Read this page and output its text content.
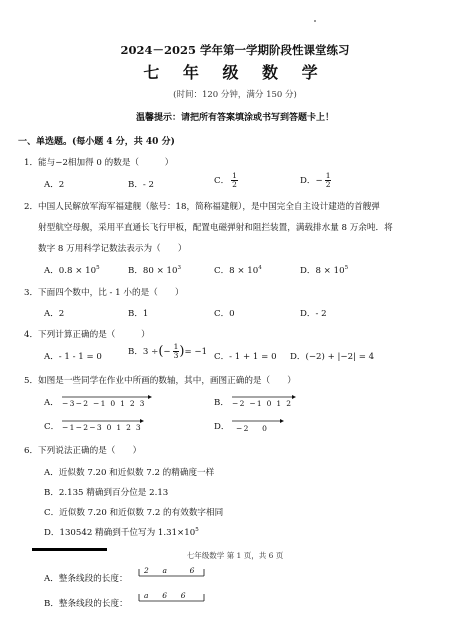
2024－2025 学年第一学期阶段性课堂练习
七 年 级 数 学
(时间：120 分钟，满分 150 分)
温馨提示：请把所有答案填涂或书写到答题卡上！
一、单选题。(每小题 4 分，共 40 分)
1．能与−2相加得 0 的数是（　　　）
A．2	B．- 2	C． $\frac{1}{2}$	D．− $\frac{1}{2}$
2．中国人民解放军海军福建舰（舷号：18，简称福建舰），是中国完全自主设计建造的首艘弹
射型航空母舰，采用平直通长飞行甲板，配置电磁弹射和阻拦装置，满载排水量 8 万余吨．将
数字 8 万用科学记数法表示为（　　）
A．$0.8 \times 10^5$	B．$80 \times 10^3$	C．$8 \times 10^4$	D．$8 \times 10^5$
3．下面四个数中，比 - 1 小的是（　　）
A．2	B．1	C．0	D．- 2
4．下列计算正确的是（　　　）
A．- 1 - 1 = 0	B．3 ÷(− $\frac{1}{3}$ )= −1 C．- 1 + 1 = 0 D．(−2) + |−2| = 4
5．如图是一些同学在作业中所画的数轴，其中，画图正确的是（　　）
A． −3−2 −1 0 1 2 3	B． −2 −1 0 1 2
C． −1−2−3 0 1 2 3	D． −2　 0
6．下列说法正确的是（　　）
A．近似数 7.20 和近似数 7.2 的精确度一样
B．2.135 精确到百分位是 2.13
C．近似数 7.20 和近似数 7.2 的有效数字相同
D．130542 精确到千位写为 $1.31\times 10^5$
七年级数学 第 1 页，共 6 页
A．整条线段的长度：
2　 a　 　6
B．整条线段的长度：
a　 6　 6
